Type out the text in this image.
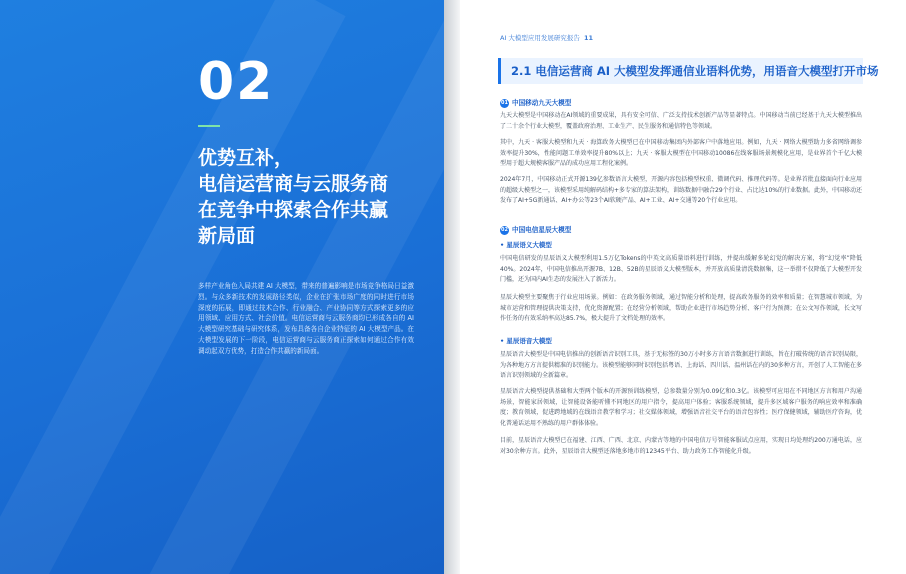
02
优势互补，
电信运营商与云服务商
在竞争中探索合作共赢
新局面
多样产业角色入局共建 AI 大模型，带来的普遍影响是市场竞争格局日益激烈。与众多新技术的发展路径类似，企业在扩张市场广度的同时进行市场深度的拓展，即通过技术合作、行业融合、产业协同等方式探索更多的应用领域、应用方式、社会价值。电信运营商与云服务商均已形成各自的 AI 大模型研究基础与研究体系，发布具备各自企业特征的 AI 大模型产品。在大模型发展的下一阶段，电信运营商与云服务商正探索如何通过合作有效调动起双方优势，打造合作共赢的新局面。
AI 大模型应用发展研究报告 11
2.1 电信运营商 AI 大模型发挥通信业语料优势，用语音大模型打开市场
01 中国移动九天大模型
九天大模型是中国移动在AI领域的重要成果，具有安全可信、广泛支持技术创新产品等显著特点。中国移动当前已经基于九天大模型推出了二十余个行业大模型，覆盖政府治理、工业生产、民生服务和通信特色等领域。
其中，九天 · 客服大模型和九天 · 海算政务大模型已在中国移动集团内外部客户中落地应用。例如，九天 · 网络大模型助力多省网络调参效率提升30%，性能问题工单效率提升80%以上；九天 · 客服大模型在中国移动10086在线客服场景规模化应用，是业界首个千亿大模型用于超大规模客服产品的成功应用工程化案例。
2024年7月，中国移动正式开源139亿参数语言大模型，开源内容包括模型权重、微调代码、推理代码等。是业界首批直接面向行业应用的超级大模型之一，该模型采用纯解码结构+多专家的算法架构，训练数据中融合29个行业、占比达10%的行业数据。此外，中国移动还发布了AI+5G新通话、AI+办公等23个AI软硬产品、AI+工业、AI+交通等20个行业应用。
02 中国电信星辰大模型
• 星辰语义大模型
中国电信研发的星辰语义大模型利用1.5万亿Tokens的中英文高质量语料进行训练，并提出缓解多轮幻觉的解决方案，将“幻觉率”降低40%。2024年，中国电信推出开源7B、12B、52B的星辰语义大模型版本，并开放高质量清洗数据集，这一举措不仅降低了大模型开发门槛，还为国内AI生态的发展注入了新活力。
星辰大模型主要聚焦于行业应用场景。例如：在政务服务领域，通过智能分析和处理，提高政务服务的效率和质量；在智慧城市领域，为城市运营和管理提供决策支持，优化资源配置；在经营分析领域，帮助企业进行市场趋势分析、客户行为预测；在公文写作领域，长文写作任务的有效采纳率高达85.7%，极大提升了文档处理的效率。
• 星辰语音大模型
星辰语音大模型是中国电信推出的创新语音识别工具，基于无标签的30万小时多方言语音数据进行训练，旨在打破传统的语音识别局限，为各种地方方言提供精准的识别能力。该模型能够同时识别包括粤语、上海话、四川话、温州话在内的30多种方言，开创了人工智能在多语言识别领域的全新篇章。
星辰语音大模型提供基础和大型两个版本的开源预训练模型，总参数量分别为0.09亿和0.3亿。该模型可应用在不同地区方言和用户沟通场景，智能家居领域，让智能设备能听懂不同地区的用户指令，提高用户体验；客服系统领域，提升多区域客户服务的响应效率和准确度；教育领域，促进跨地域的在线语音教学和学习；社交媒体领域，增强语音社交平台的语音包容性；医疗保健领域，辅助医疗咨询，优化普通话运用不熟练的用户群体体验。
目前，星辰语音大模型已在福建、江西、广西、北京、内蒙古等地的中国电信万号智能客服试点应用，实现日均处理约200万通电话，应对30余种方言。此外，星辰语音大模型还落地多地市的12345平台、助力政务工作智能化升级。
